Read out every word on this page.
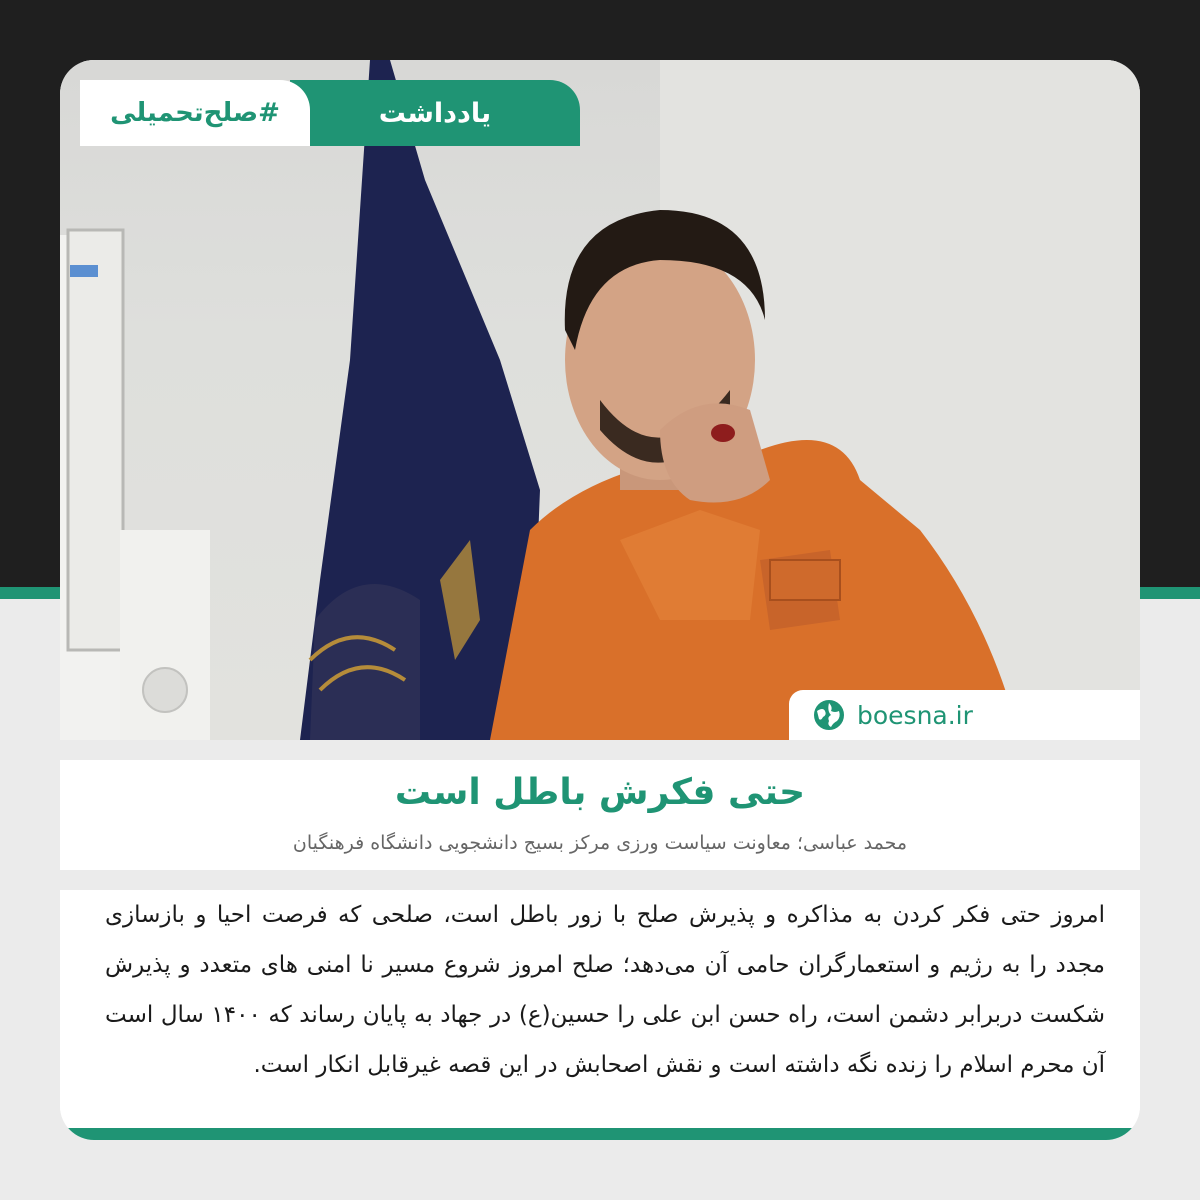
یادداشت
#صلح‌تحمیلی
boesna.ir
حتی فکرش باطل است
محمد عباسی؛ معاونت سیاست ورزی مرکز بسیج دانشجویی دانشگاه فرهنگیان
امروز حتی فکر کردن به مذاکره و پذیرش صلح با زور باطل است، صلحی که فرصت احیا و بازسازی مجدد را به رژیم و استعمارگران حامی آن می‌دهد؛ صلح امروز شروع مسیر نا امنی های متعدد و پذیرش شکست دربرابر دشمن است، راه حسن ابن علی را حسین(ع) در جهاد به پایان رساند که ۱۴۰۰ سال است آن محرم اسلام را زنده نگه داشته است و نقش اصحابش در این قصه غیرقابل انکار است.
